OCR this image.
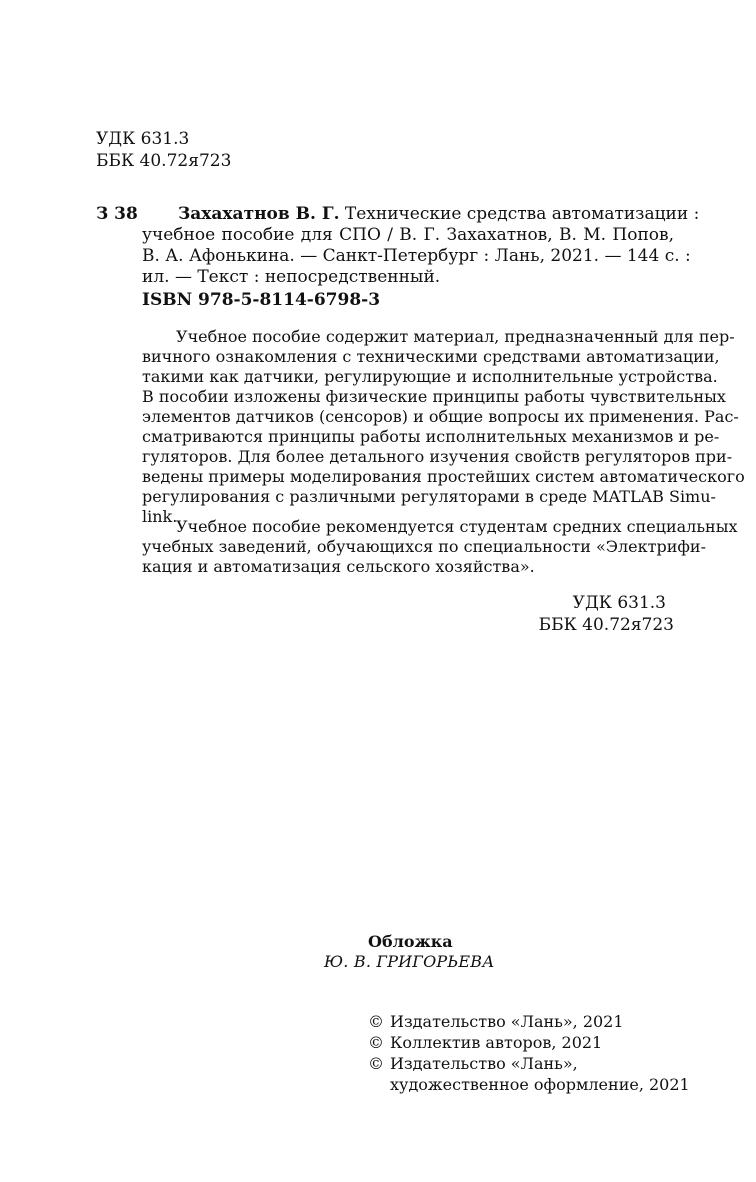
УДК 631.3
ББК 40.72я723
З 38 Захахатнов В. Г. Технические средства автоматизации :
учебное пособие для СПО / В. Г. Захахатнов, В. М. Попов,
В. А. Афонькина. — Санкт-Петербург : Лань, 2021. — 144 с. :
ил. — Текст : непосредственный.
ISBN 978-5-8114-6798-3
Учебное пособие содержит материал, предназначенный для пер-
вичного ознакомления с техническими средствами автоматизации,
такими как датчики, регулирующие и исполнительные устройства.
В пособии изложены физические принципы работы чувствительных
элементов датчиков (сенсоров) и общие вопросы их применения. Рас-
сматриваются принципы работы исполнительных механизмов и ре-
гуляторов. Для более детального изучения свойств регуляторов при-
ведены примеры моделирования простейших систем автоматического
регулирования с различными регуляторами в среде MATLAB Simu-
link.
Учебное пособие рекомендуется студентам средних специальных
учебных заведений, обучающихся по специальности «Электрифи-
кация и автоматизация сельского хозяйства».
УДК 631.3
ББК 40.72я723
Обложка
Ю. В. ГРИГОРЬЕВА
© Издательство «Лань», 2021
© Коллектив авторов, 2021
© Издательство «Лань»,
художественное оформление, 2021
